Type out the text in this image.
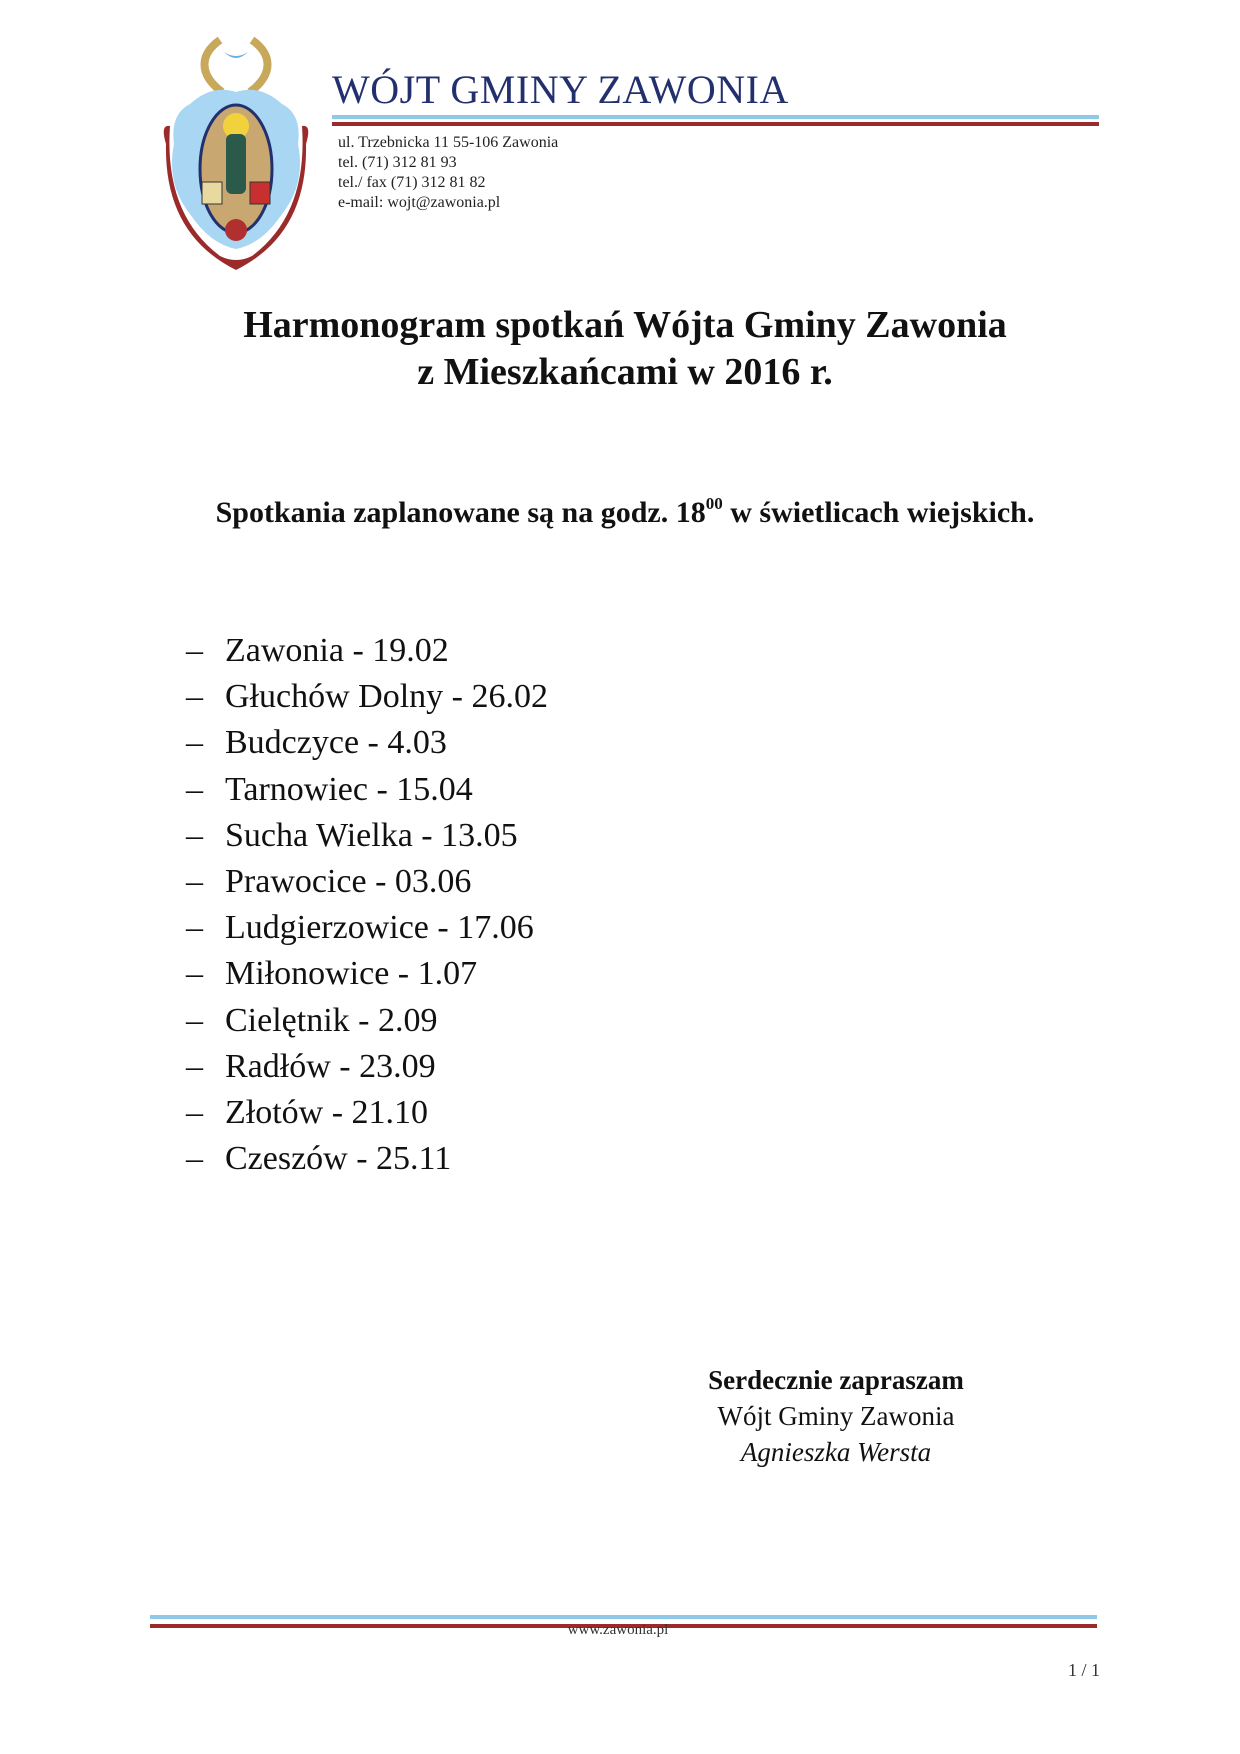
WÓJT GMINY ZAWONIA
ul. Trzebnicka 11 55-106 Zawonia
tel. (71) 312 81 93
tel./ fax (71) 312 81 82
e-mail: wojt@zawonia.pl
Harmonogram spotkań Wójta Gminy Zawonia
z Mieszkańcami w 2016 r.
Spotkania zaplanowane są na godz. $18^{00}$ w świetlicach wiejskich.
– Zawonia - 19.02
– Głuchów Dolny - 26.02
– Budczyce - 4.03
– Tarnowiec - 15.04
– Sucha Wielka - 13.05
– Prawocice - 03.06
– Ludgierzowice - 17.06
– Miłonowice - 1.07
– Cielętnik - 2.09
– Radłów - 23.09
– Złotów - 21.10
– Czeszów - 25.11
Serdecznie zapraszam
Wójt Gminy Zawonia
Agnieszka Wersta
www.zawonia.pl
1 / 1
